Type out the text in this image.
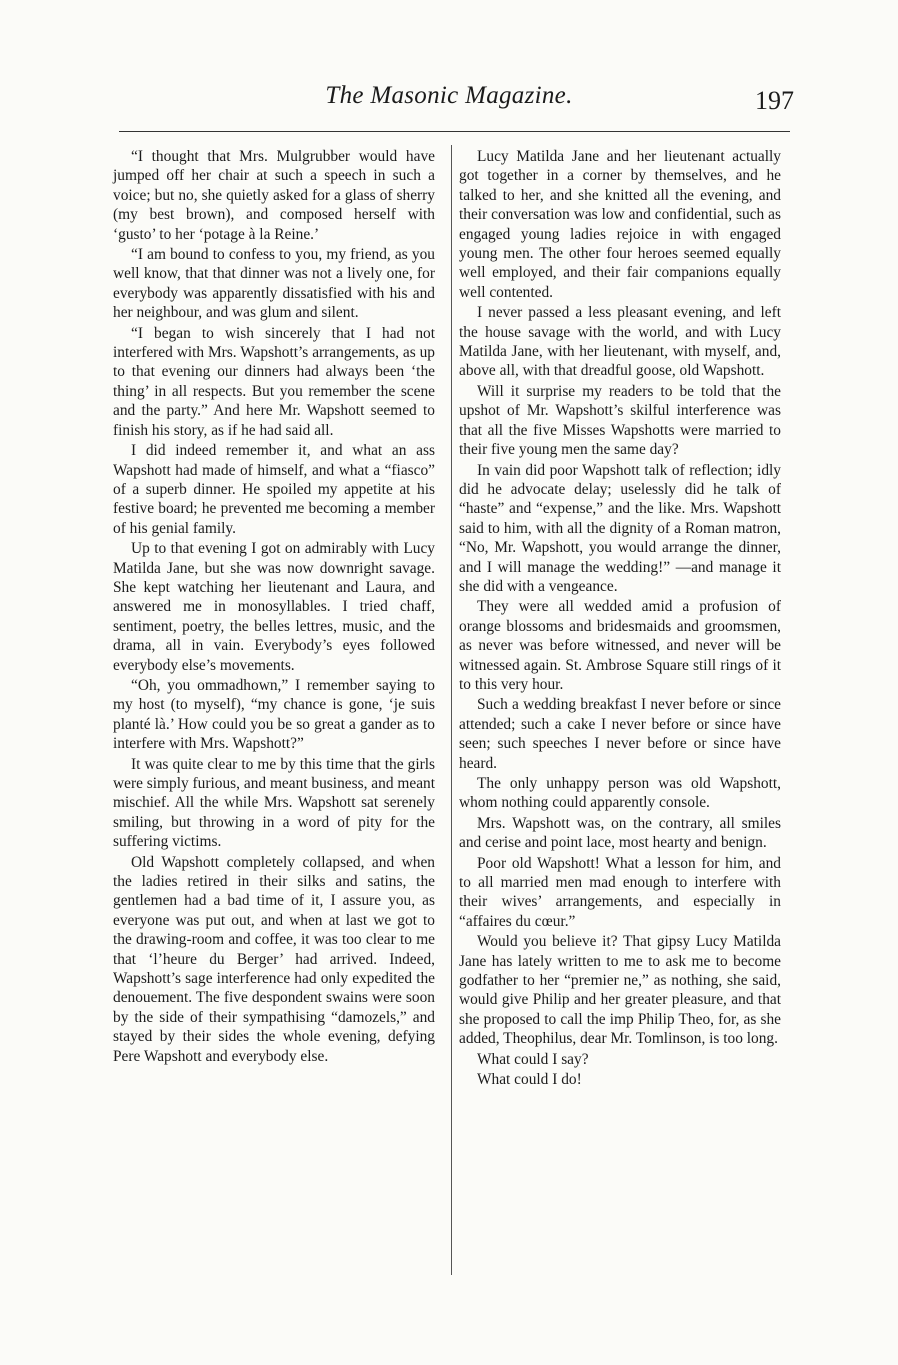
The Masonic Magazine.	197

“I thought that Mrs. Mulgrubber would have jumped off her chair at such a speech in such a voice; but no, she quietly asked for a glass of sherry (my best brown), and composed herself with ‘gusto’ to her ‘potage à la Reine.’

“I am bound to confess to you, my friend, as you well know, that that dinner was not a lively one, for everybody was apparently dissatisfied with his and her neighbour, and was glum and silent.

“I began to wish sincerely that I had not interfered with Mrs. Wapshott’s arrangements, as up to that evening our dinners had always been ‘the thing’ in all respects. But you remember the scene and the party.” And here Mr. Wapshott seemed to finish his story, as if he had said all.

I did indeed remember it, and what an ass Wapshott had made of himself, and what a “fiasco” of a superb dinner. He spoiled my appetite at his festive board; he prevented me becoming a member of his genial family.

Up to that evening I got on admirably with Lucy Matilda Jane, but she was now downright savage. She kept watching her lieutenant and Laura, and answered me in monosyllables. I tried chaff, sentiment, poetry, the belles lettres, music, and the drama, all in vain. Everybody’s eyes followed everybody else’s movements.

“Oh, you ommadhown,” I remember saying to my host (to myself), “my chance is gone, ‘je suis planté là.’ How could you be so great a gander as to interfere with Mrs. Wapshott?”

It was quite clear to me by this time that the girls were simply furious, and meant business, and meant mischief. All the while Mrs. Wapshott sat serenely smiling, but throwing in a word of pity for the suffering victims.

Old Wapshott completely collapsed, and when the ladies retired in their silks and satins, the gentlemen had a bad time of it, I assure you, as everyone was put out, and when at last we got to the drawing-room and coffee, it was too clear to me that ‘l’heure du Berger’ had arrived. Indeed, Wapshott’s sage interference had only expedited the denouement. The five despondent swains were soon by the side of their sympathising “damozels,” and stayed by their sides the whole evening, defying Pere Wapshott and everybody else.

Lucy Matilda Jane and her lieutenant actually got together in a corner by themselves, and he talked to her, and she knitted all the evening, and their conversation was low and confidential, such as engaged young ladies rejoice in with engaged young men. The other four heroes seemed equally well employed, and their fair companions equally well contented.

I never passed a less pleasant evening, and left the house savage with the world, and with Lucy Matilda Jane, with her lieutenant, with myself, and, above all, with that dreadful goose, old Wapshott.

Will it surprise my readers to be told that the upshot of Mr. Wapshott’s skilful interference was that all the five Misses Wapshotts were married to their five young men the same day?

In vain did poor Wapshott talk of reflection; idly did he advocate delay; uselessly did he talk of “haste” and “expense,” and the like. Mrs. Wapshott said to him, with all the dignity of a Roman matron, “No, Mr. Wapshott, you would arrange the dinner, and I will manage the wedding!” —and manage it she did with a vengeance.

They were all wedded amid a profusion of orange blossoms and bridesmaids and groomsmen, as never was before witnessed, and never will be witnessed again. St. Ambrose Square still rings of it to this very hour.

Such a wedding breakfast I never before or since attended; such a cake I never before or since have seen; such speeches I never before or since have heard.

The only unhappy person was old Wapshott, whom nothing could apparently console.

Mrs. Wapshott was, on the contrary, all smiles and cerise and point lace, most hearty and benign.

Poor old Wapshott! What a lesson for him, and to all married men mad enough to interfere with their wives’ arrangements, and especially in “affaires du cœur.”

Would you believe it? That gipsy Lucy Matilda Jane has lately written to me to ask me to become godfather to her “premier ne,” as nothing, she said, would give Philip and her greater pleasure, and that she proposed to call the imp Philip Theo, for, as she added, Theophilus, dear Mr. Tomlinson, is too long.

What could I say?

What could I do!
